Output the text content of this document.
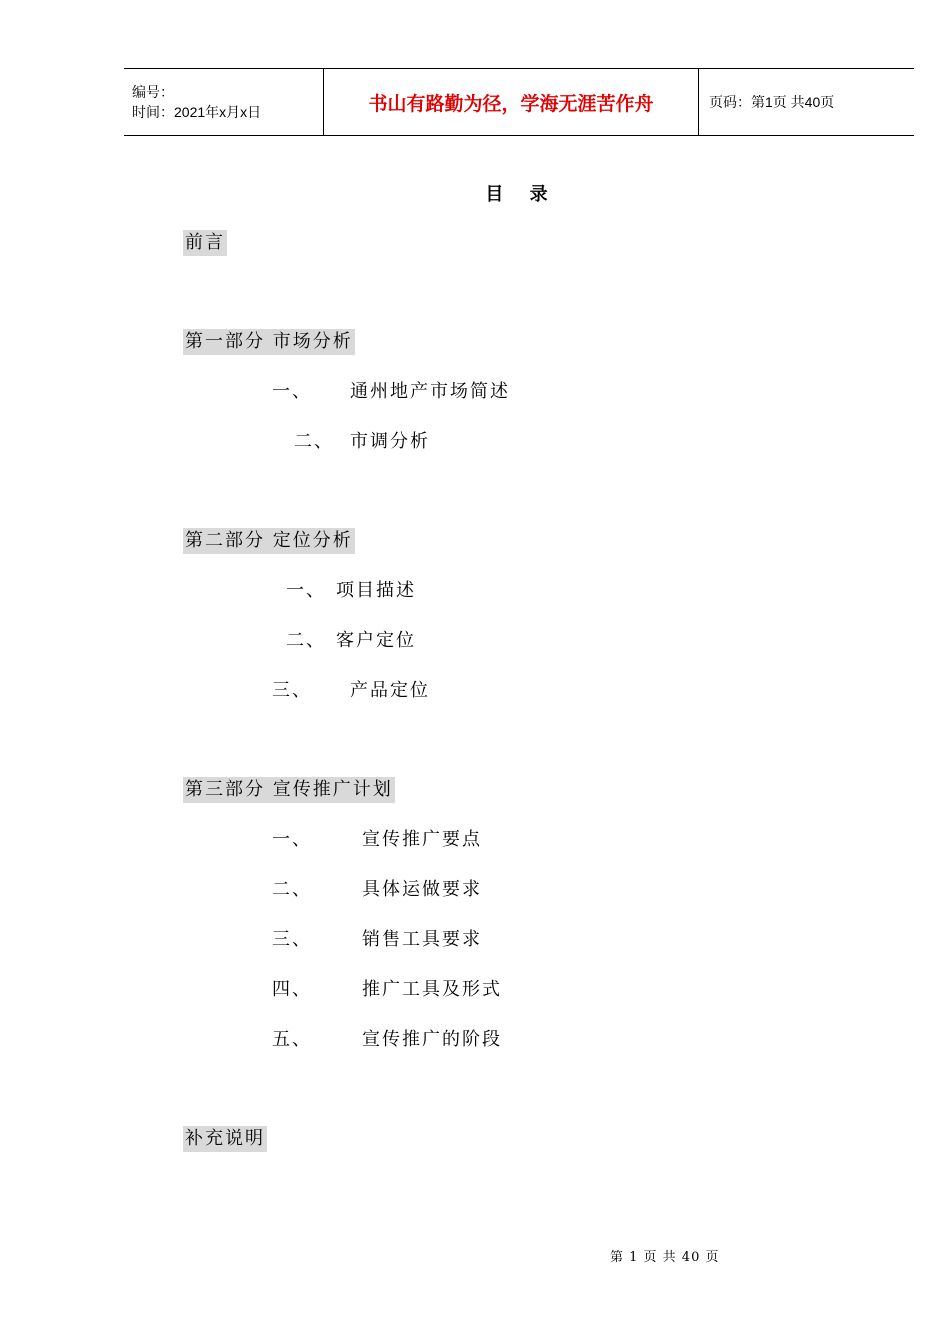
编号：
时间：2021年x月x日	书山有路勤为径，学海无涯苦作舟	页码：第1页 共40页
目 录
前言
第一部分 市场分析
一、 通州地产市场简述
二、 市调分析
第二部分 定位分析
一、 项目描述
二、 客户定位
三、 产品定位
第三部分 宣传推广计划
一、	宣传推广要点
二、	具体运做要求
三、	销售工具要求
四、	推广工具及形式
五、	宣传推广的阶段
补充说明
第 1 页 共 40 页
